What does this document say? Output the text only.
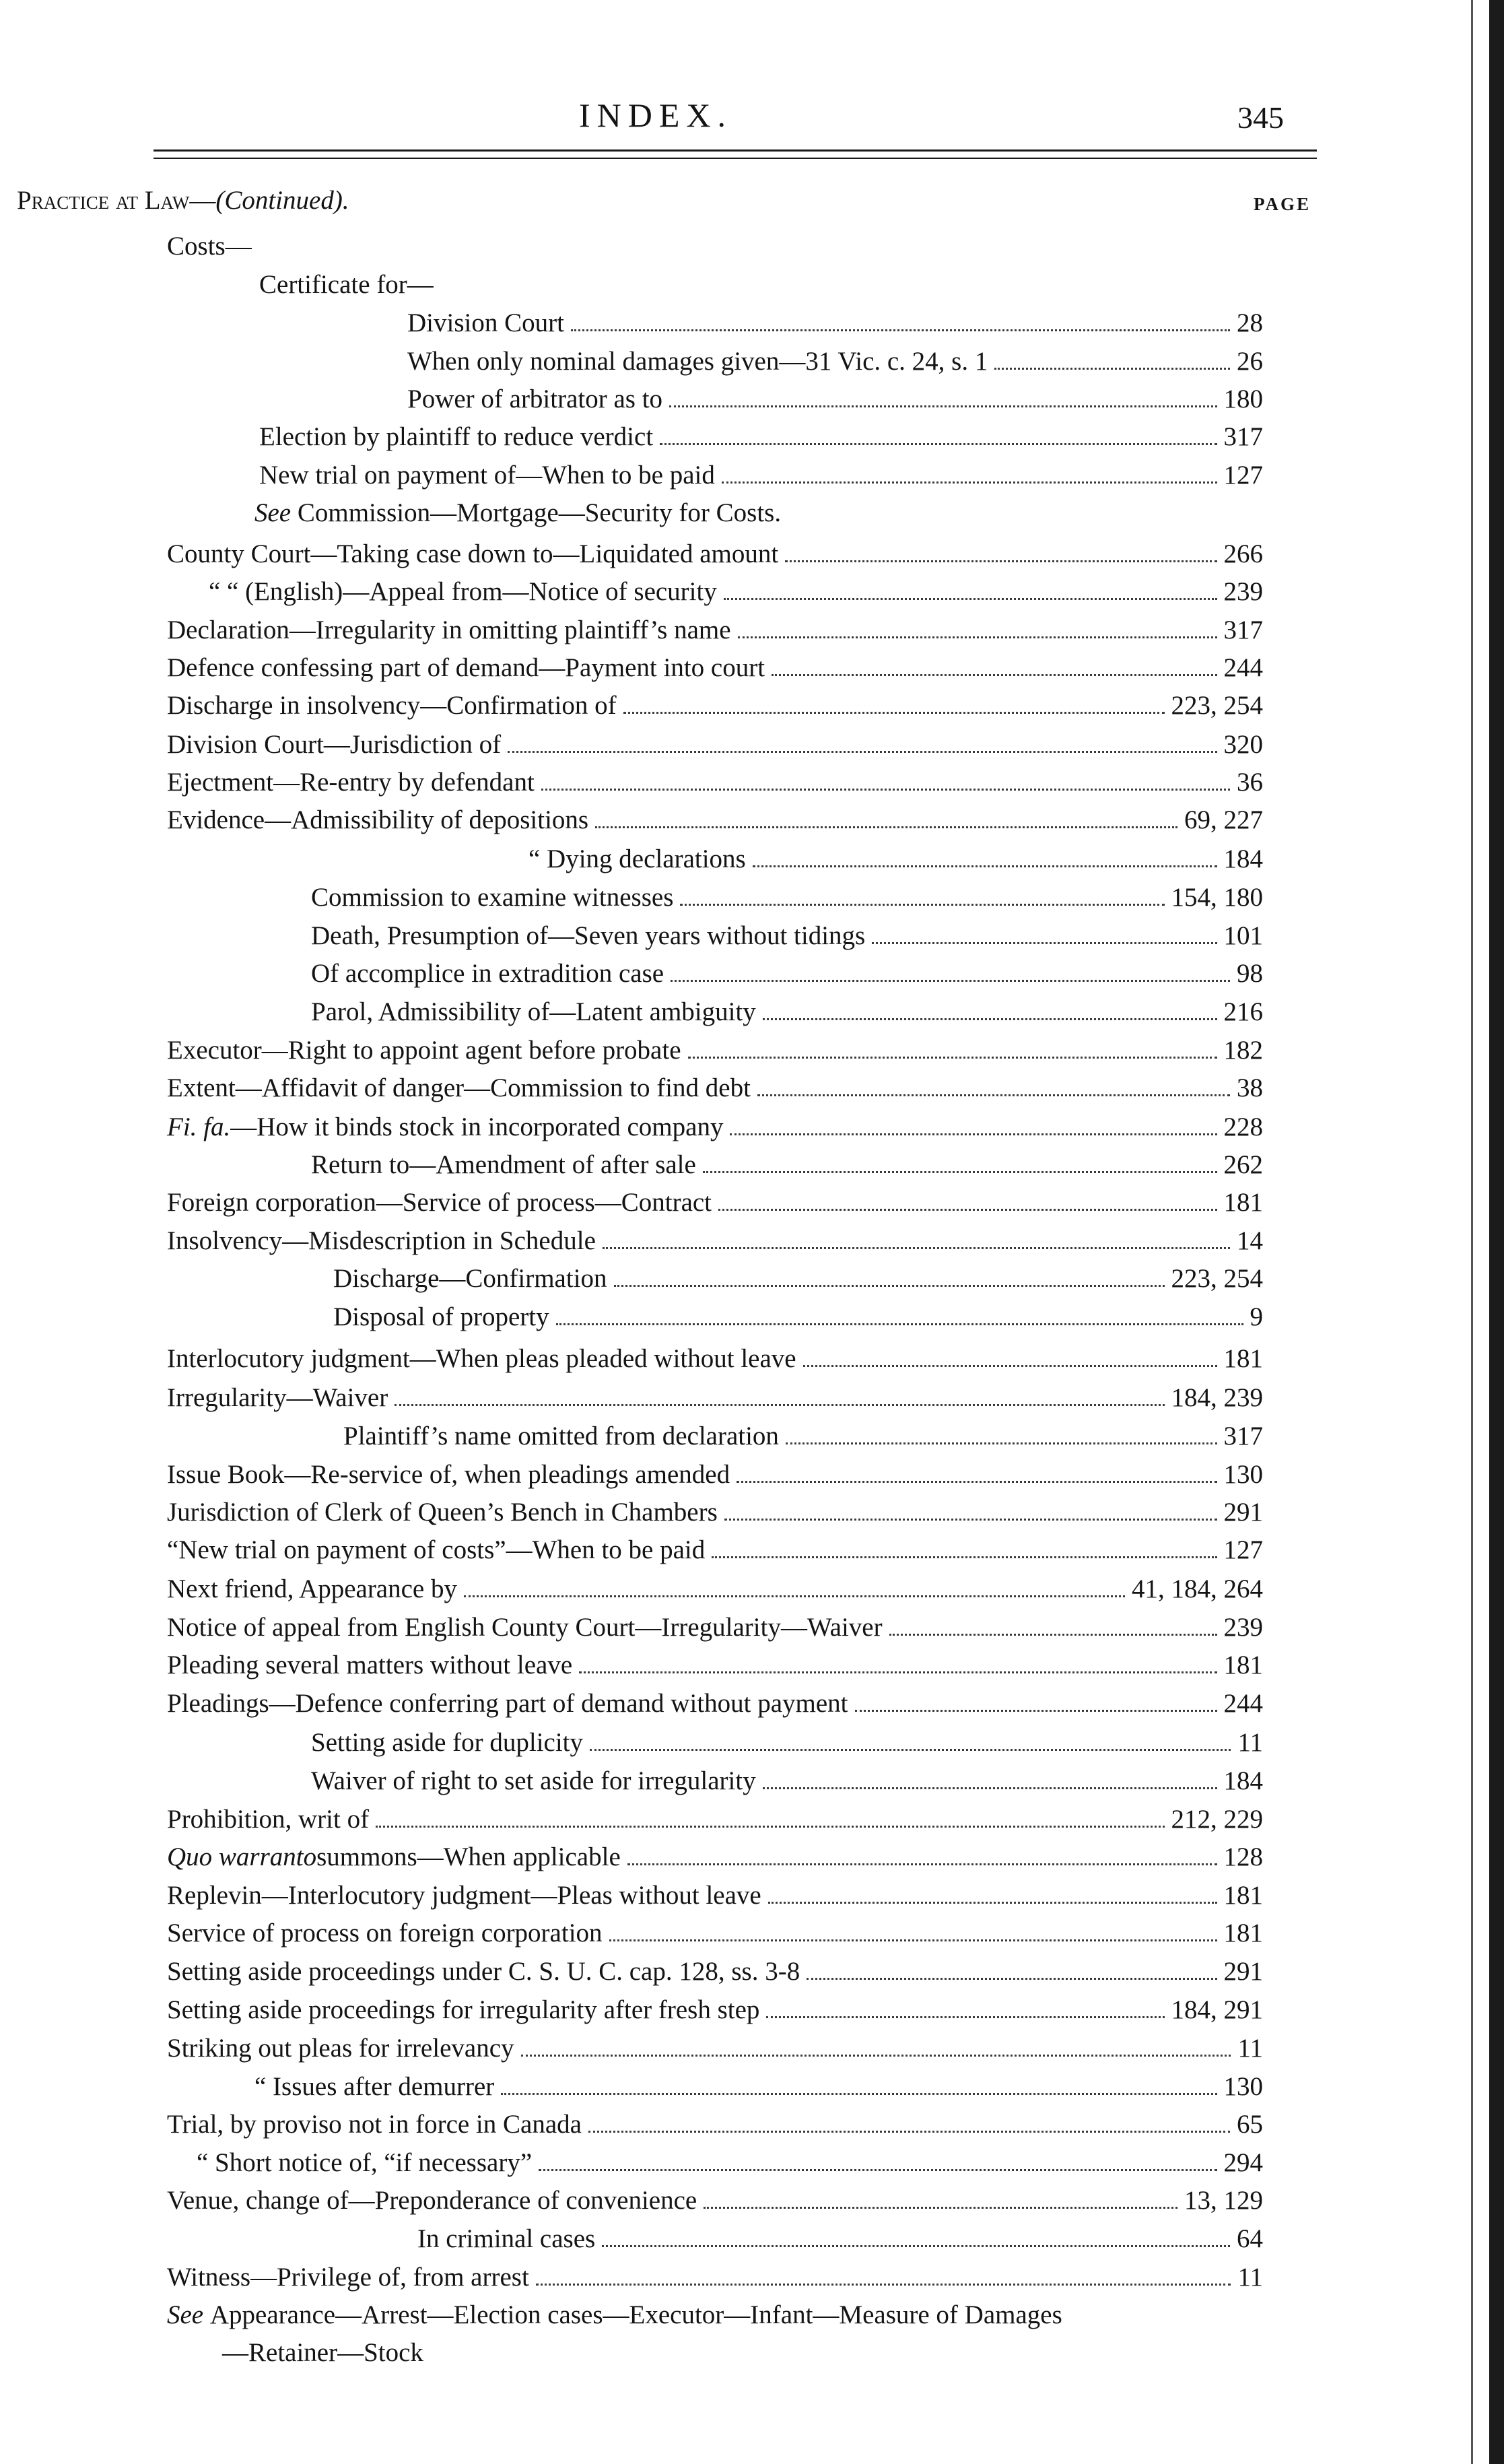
INDEX.	345
Practice at Law—(Continued).	PAGE
Costs—
Certificate for—
Division Court	28
When only nominal damages given—31 Vic. c. 24, s. 1	26
Power of arbitrator as to	180
Election by plaintiff to reduce verdict	317
New trial on payment of—When to be paid	127
See Commission—Mortgage—Security for Costs.
County Court—Taking case down to—Liquidated amount	266
“ “ (English)—Appeal from—Notice of security	239
Declaration—Irregularity in omitting plaintiff’s name	317
Defence confessing part of demand—Payment into court	244
Discharge in insolvency—Confirmation of	223, 254
Division Court—Jurisdiction of	320
Ejectment—Re-entry by defendant	36
Evidence—Admissibility of depositions	69, 227
“ Dying declarations	184
Commission to examine witnesses	154, 180
Death, Presumption of—Seven years without tidings	101
Of accomplice in extradition case	98
Parol, Admissibility of—Latent ambiguity	216
Executor—Right to appoint agent before probate	182
Extent—Affidavit of danger—Commission to find debt	38
Fi. fa. —How it binds stock in incorporated company	228
Return to—Amendment of after sale	262
Foreign corporation—Service of process—Contract	181
Insolvency—Misdescription in Schedule	14
Discharge—Confirmation	223, 254
Disposal of property	9
Interlocutory judgment—When pleas pleaded without leave	181
Irregularity—Waiver	184, 239
Plaintiff’s name omitted from declaration	317
Issue Book—Re-service of, when pleadings amended	130
Jurisdiction of Clerk of Queen’s Bench in Chambers	291
“New trial on payment of costs”—When to be paid	127
Next friend, Appearance by	41, 184, 264
Notice of appeal from English County Court—Irregularity—Waiver	239
Pleading several matters without leave	181
Pleadings—Defence conferring part of demand without payment	244
Setting aside for duplicity	11
Waiver of right to set aside for irregularity	184
Prohibition, writ of	212, 229
Quo warranto summons—When applicable	128
Replevin—Interlocutory judgment—Pleas without leave	181
Service of process on foreign corporation	181
Setting aside proceedings under C. S. U. C. cap. 128, ss. 3-8	291
Setting aside proceedings for irregularity after fresh step	184, 291
Striking out pleas for irrelevancy	11
“ Issues after demurrer	130
Trial, by proviso not in force in Canada	65
“ Short notice of, “if necessary”	294
Venue, change of—Preponderance of convenience	13, 129
In criminal cases	64
Witness—Privilege of, from arrest	11
See Appearance—Arrest—Election cases—Executor—Infant—Measure of Damages
—Retainer—Stock
